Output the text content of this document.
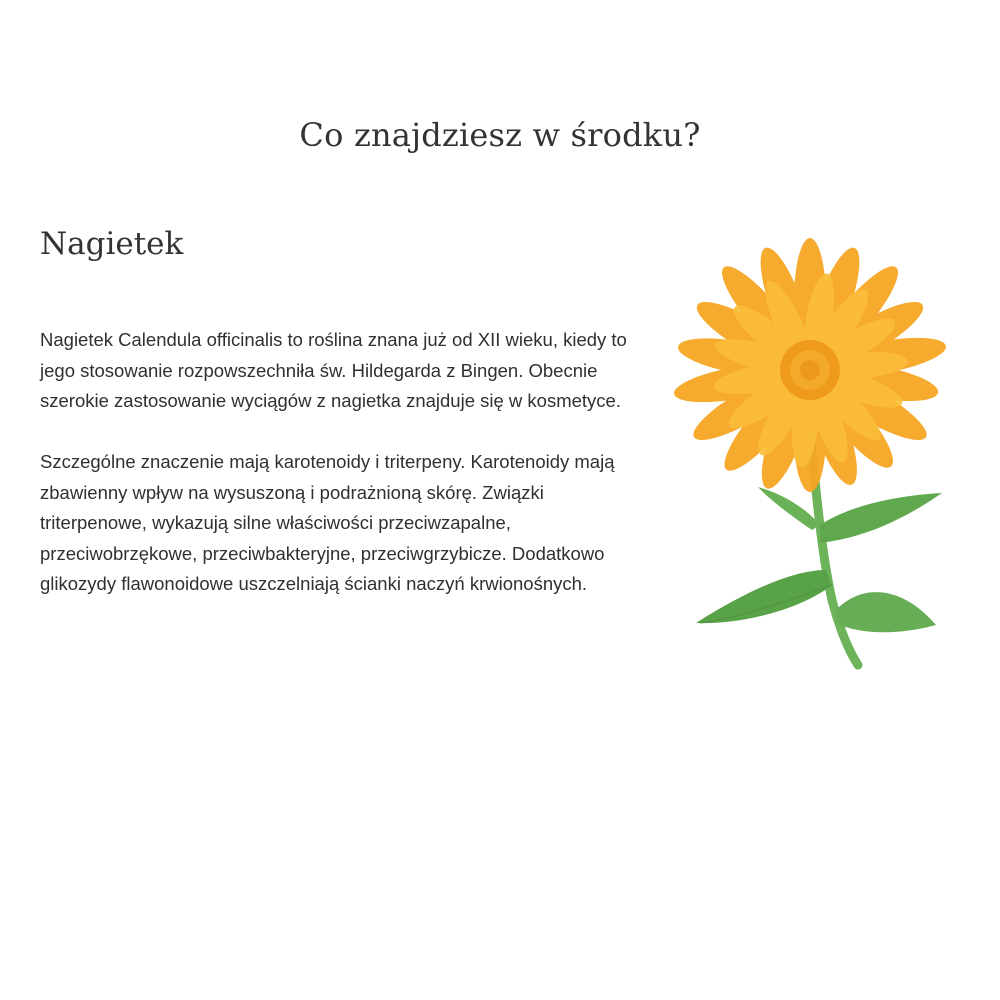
Co znajdziesz w środku?
Nagietek

Nagietek Calendula officinalis to roślina znana już od XII wieku, kiedy to jego stosowanie rozpowszechniła św. Hildegarda z Bingen. Obecnie szerokie zastosowanie wyciągów z nagietka znajduje się w kosmetyce.

Szczególne znaczenie mają karotenoidy i triterpeny. Karotenoidy mają zbawienny wpływ na wysuszoną i podrażnioną skórę. Związki triterpenowe, wykazują silne właściwości przeciwzapalne, przeciwobrzękowe, przeciwbakteryjne, przeciwgrzybicze. Dodatkowo glikozydy flawonoidowe uszczelniają ścianki naczyń krwionośnych.
